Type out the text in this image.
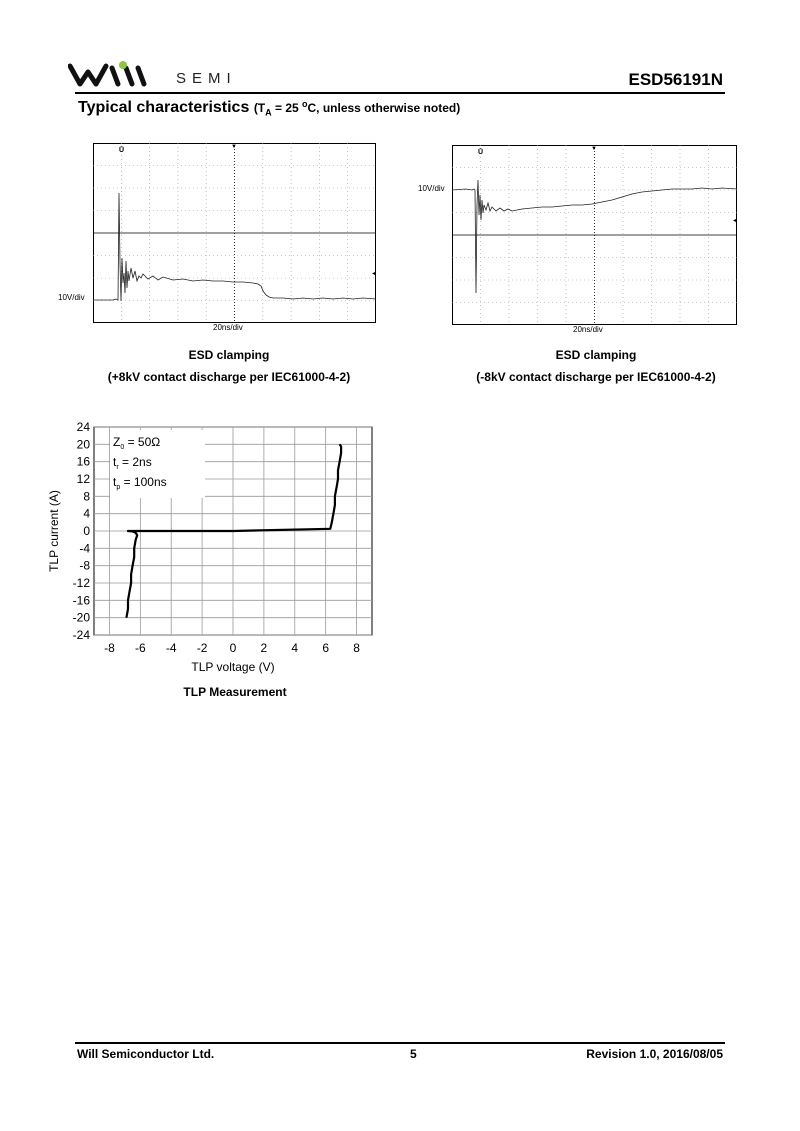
SEMI	ESD56191N
Typical characteristics ($T_A = 25$ $^o$C, unless otherwise noted)
Ū	▼
◂
10V/div
20ns/div
ESD clamping
(+8kV contact discharge per IEC61000-4-2)
Ū	▼
◂
10V/div
20ns/div
ESD clamping
(-8kV contact discharge per IEC61000-4-2)
24
20
16
12
8
4
0
-4
-8
-12
-16
-20
-24
-8 -6 -4 -2 0 2 4 6 8
TLP voltage (V)
TLP current (A)
$Z_0 = 50\Omega$
$t_r = 2ns$
$t_p = 100ns$
TLP Measurement
Will Semiconductor Ltd.	5	Revision 1.0, 2016/08/05
